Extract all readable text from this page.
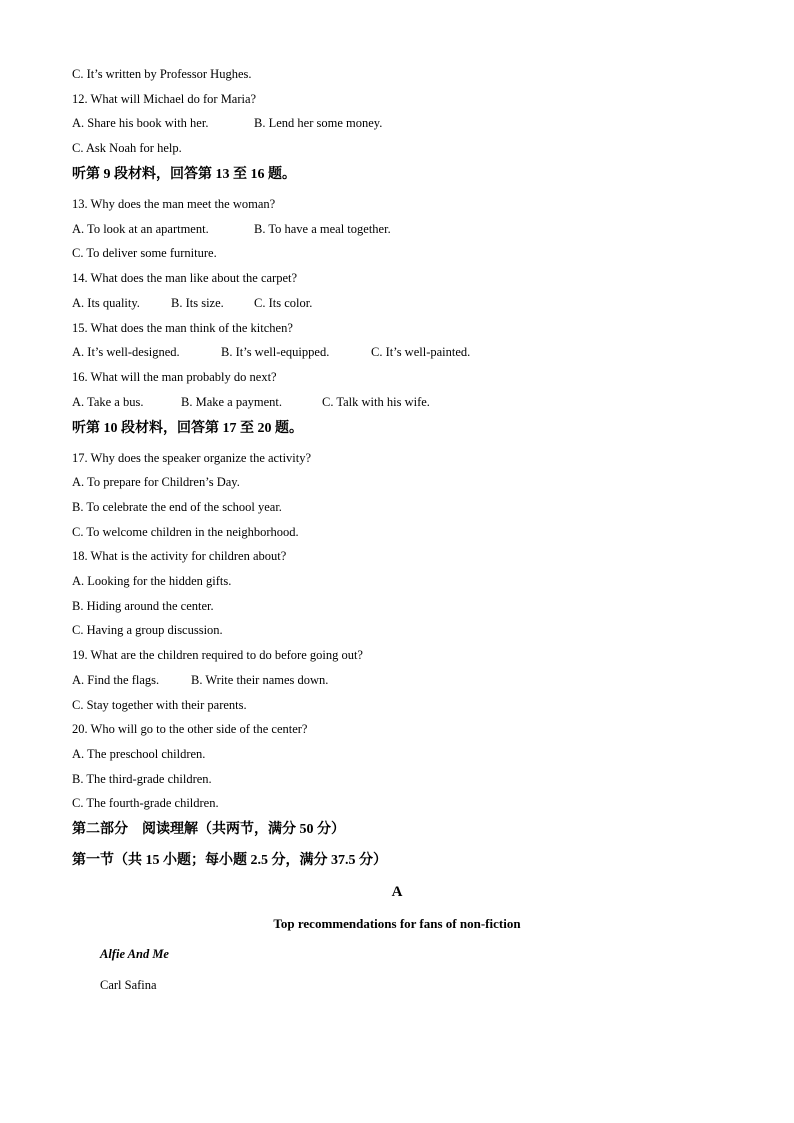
C. It’s written by Professor Hughes.
12. What will Michael do for Maria?
A. Share his book with her.	B. Lend her some money.
C. Ask Noah for help.
听第 9 段材料，回答第 13 至 16 题。
13. Why does the man meet the woman?
A. To look at an apartment.	B. To have a meal together.
C. To deliver some furniture.
14. What does the man like about the carpet?
A. Its quality. B. Its size. C. Its color.
15. What does the man think of the kitchen?
A. It’s well-designed.	B. It’s well-equipped.	C. It’s well-painted.
16. What will the man probably do next?
A. Take a bus.	B. Make a payment.	C. Talk with his wife.
听第 10 段材料，回答第 17 至 20 题。
17. Why does the speaker organize the activity?
A. To prepare for Children’s Day.
B. To celebrate the end of the school year.
C. To welcome children in the neighborhood.
18. What is the activity for children about?
A. Looking for the hidden gifts.
B. Hiding around the center.
C. Having a group discussion.
19. What are the children required to do before going out?
A. Find the flags.	B. Write their names down.
C. Stay together with their parents.
20. Who will go to the other side of the center?
A. The preschool children.
B. The third-grade children.
C. The fourth-grade children.
第二部分　阅读理解（共两节，满分 50 分）
第一节（共 15 小题；每小题 2.5 分，满分 37.5 分）
A
Top recommendations for fans of non-fiction
Alfie And Me
Carl Safina
